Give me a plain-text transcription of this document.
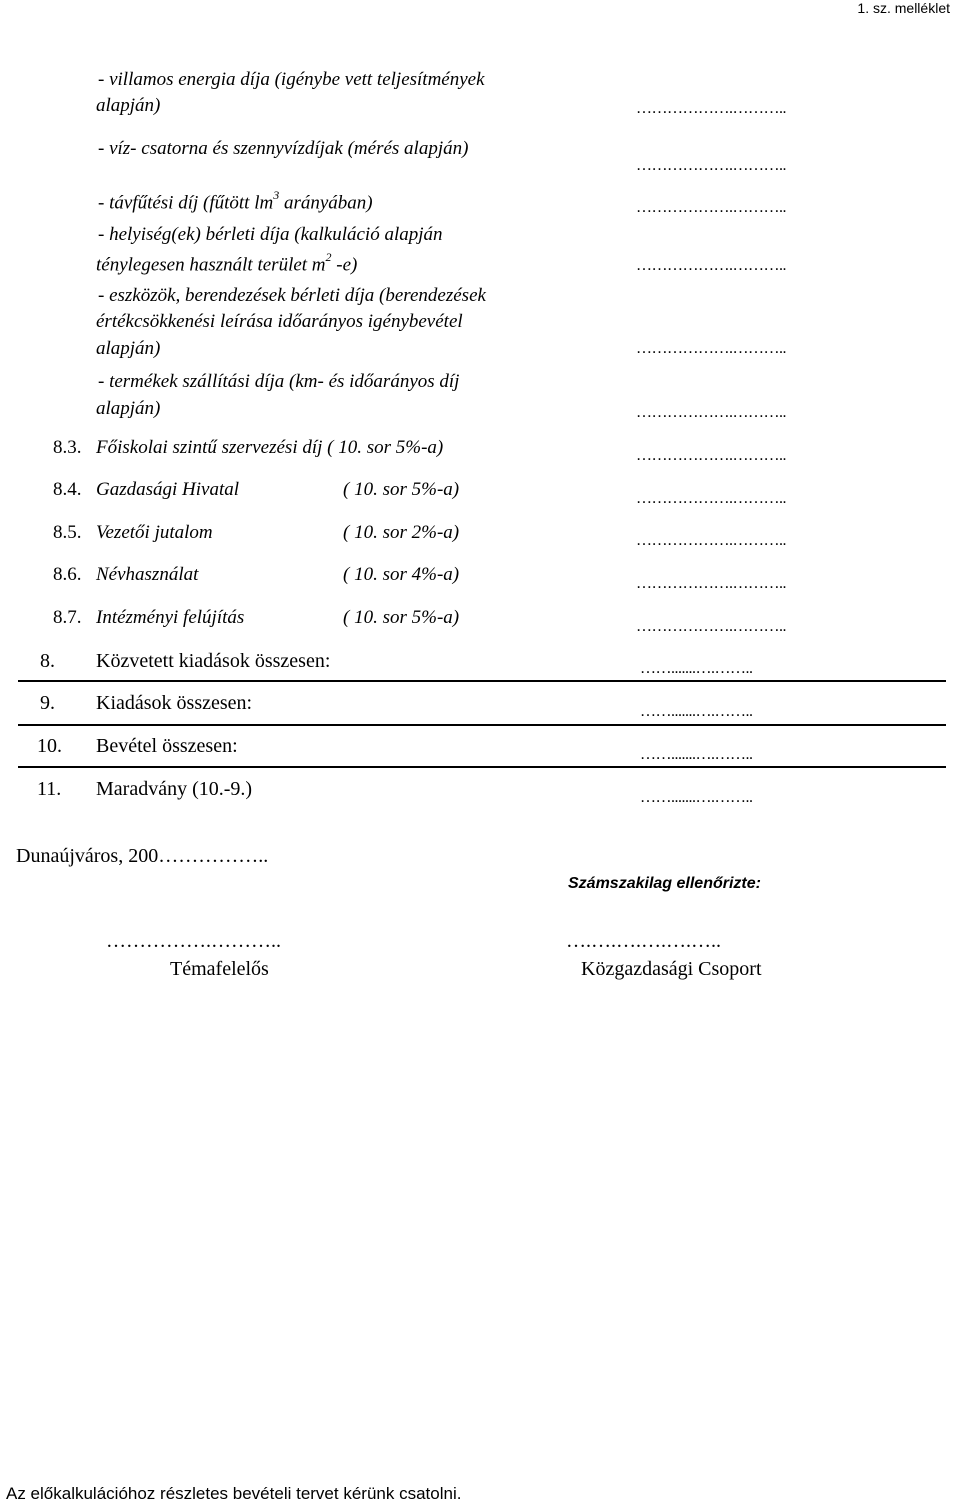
1. sz. melléklet
- villamos energia díja (igénybe vett teljesítmények
alapján)	……………….………..
- víz- csatorna és szennyvízdíjak (mérés alapján)
……………….………..
- távfűtési díj (fűtött $lm^3$ arányában)	……………….………..
- helyiség(ek) bérleti díja (kalkuláció alapján
ténylegesen használt terület $m^2$ -e)	……………….………..
- eszközök, berendezések bérleti díja (berendezések
értékcsökkenési leírása időarányos igénybevétel
alapján)	……………….………..
- termékek szállítási díja (km- és időarányos díj
alapján)	……………….………..
8.3. Főiskolai szintű szervezési díj ( 10. sor 5%-a)	……………….………..
8.4. Gazdasági Hivatal	( 10. sor 5%-a)	……………….………..
8.5. Vezetői jutalom	( 10. sor 2%-a)	……………….………..
8.6. Névhasználat	( 10. sor 4%-a)	……………….………..
8.7. Intézményi felújítás	( 10. sor 5%-a)	……………….………..
8. Közvetett kiadások összesen:	…….......….……..
9. Kiadások összesen:	…….......….……..
10. Bevétel összesen:	…….......….……..
11. Maradvány (10.-9.)	…….......….……..
Dunaújváros, 200……………..
Számszakilag ellenőrizte:
…………….………..
Témafelelős
….….….….….…..
Közgazdasági Csoport
Az előkalkulációhoz részletes bevételi tervet kérünk csatolni.
